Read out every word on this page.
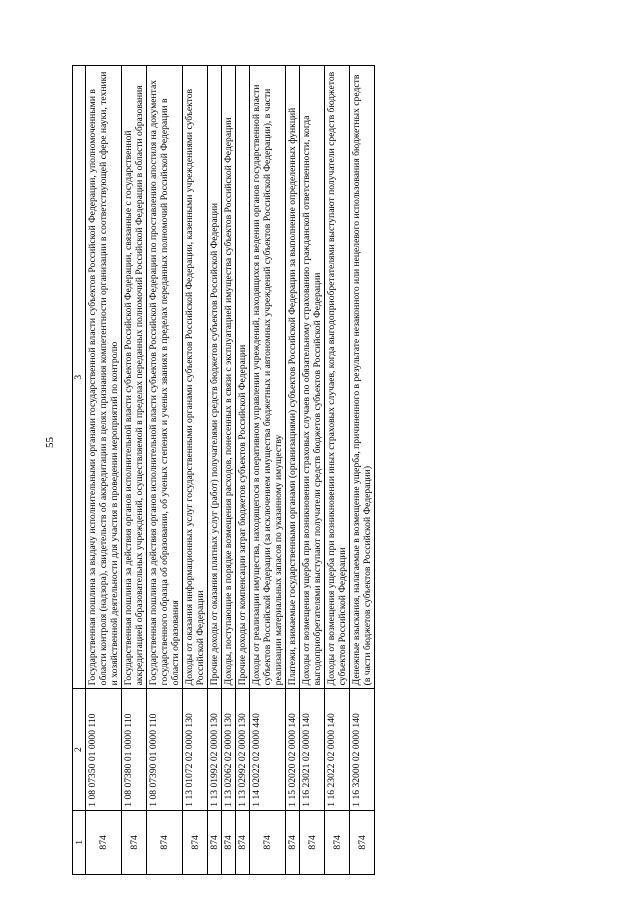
55
1	2	3
874	1 08 07350 01 0000 110	Государственная пошлина за выдачу исполнительными органами государственной власти субъектов Российской Федерации, уполномоченными в области контроля (надзора), свидетельств об аккредитации в целях признания компетентности организации в соответствующей сфере науки, техники и хозяйственной деятельности для участия в проведении мероприятий по контролю
874	1 08 07380 01 0000 110	Государственная пошлина за действия органов исполнительной власти субъектов Российской Федерации, связанные с государственной аккредитацией образовательных учреждений, осуществляемой в пределах переданных полномочий Российской Федерации в области образования
874	1 08 07390 01 0000 110	Государственная пошлина за действия органов исполнительной власти субъектов Российской Федерации по проставлению апостиля на документах государственного образца об образовании, об ученых степенях и ученых званиях в пределах переданных полномочий Российской Федерации в области образования
874	1 13 01072 02 0000 130	Доходы от оказания информационных услуг государственными органами субъектов Российской Федерации, казенными учреждениями субъектов Российской Федерации
874	1 13 01992 02 0000 130	Прочие доходы от оказания платных услуг (работ) получателями средств бюджетов субъектов Российской Федерации
874	1 13 02062 02 0000 130	Доходы, поступающие в порядке возмещения расходов, понесенных в связи с эксплуатацией имущества субъектов Российской Федерации
874	1 13 02992 02 0000 130	Прочие доходы от компенсации затрат бюджетов субъектов Российской Федерации
874	1 14 02022 02 0000 440	Доходы от реализации имущества, находящегося в оперативном управлении учреждений, находящихся в ведении органов государственной власти субъектов Российской Федерации (за исключением имущества бюджетных и автономных учреждений субъектов Российской Федерации), в части реализации материальных запасов по указанному имуществу
874	1 15 02020 02 0000 140	Платежи, взимаемые государственными органами (организациями) субъектов Российской Федерации за выполнение определенных функций
874	1 16 23021 02 0000 140	Доходы от возмещения ущерба при возникновении страховых случаев по обязательному страхованию гражданской ответственности, когда выгодоприобретателями выступают получатели средств бюджетов субъектов Российской Федерации
874	1 16 23022 02 0000 140	Доходы от возмещения ущерба при возникновении иных страховых случаев, когда выгодоприобретателями выступают получатели средств бюджетов субъектов Российской Федерации
874	1 16 32000 02 0000 140	Денежные взыскания, налагаемые в возмещение ущерба, причиненного в результате незаконного или нецелевого использования бюджетных средств (в части бюджетов субъектов Российской Федерации)
